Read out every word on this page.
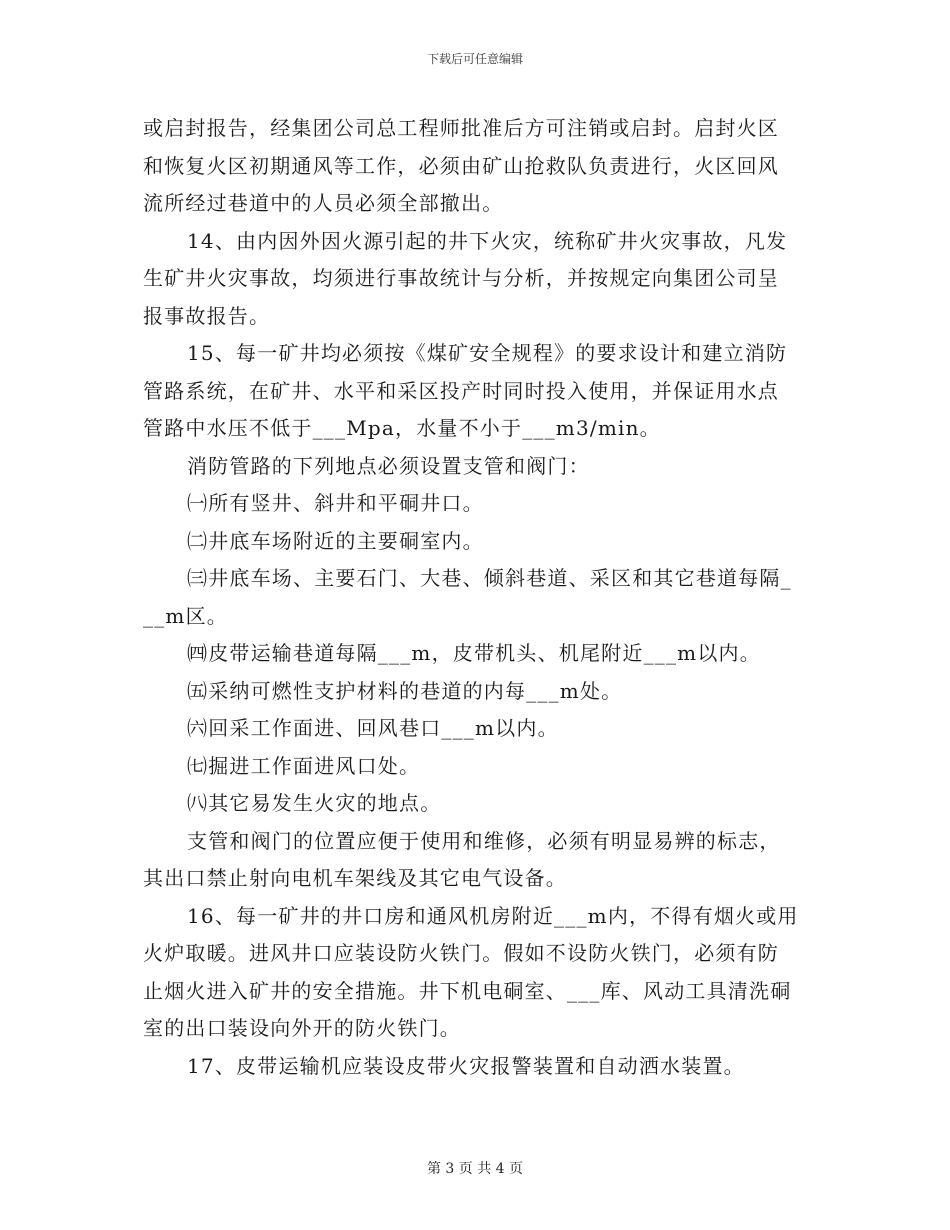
下载后可任意编辑
或启封报告，经集团公司总工程师批准后方可注销或启封。启封火区
和恢复火区初期通风等工作，必须由矿山抢救队负责进行，火区回风
流所经过巷道中的人员必须全部撤出。
14、由内因外因火源引起的井下火灾，统称矿井火灾事故，凡发
生矿井火灾事故，均须进行事故统计与分析，并按规定向集团公司呈
报事故报告。
15、每一矿井均必须按《煤矿安全规程》的要求设计和建立消防
管路系统，在矿井、水平和采区投产时同时投入使用，并保证用水点
管路中水压不低于___Mpa，水量不小于___m3/min。
消防管路的下列地点必须设置支管和阀门：
㈠所有竖井、斜井和平硐井口。
㈡井底车场附近的主要硐室内。
㈢井底车场、主要石门、大巷、倾斜巷道、采区和其它巷道每隔_
__m区。
㈣皮带运输巷道每隔___m，皮带机头、机尾附近___m以内。
㈤采纳可燃性支护材料的巷道的内每___m处。
㈥回采工作面进、回风巷口___m以内。
㈦掘进工作面进风口处。
㈧其它易发生火灾的地点。
支管和阀门的位置应便于使用和维修，必须有明显易辨的标志，
其出口禁止射向电机车架线及其它电气设备。
16、每一矿井的井口房和通风机房附近___m内，不得有烟火或用
火炉取暖。进风井口应装设防火铁门。假如不设防火铁门，必须有防
止烟火进入矿井的安全措施。井下机电硐室、___库、风动工具清洗硐
室的出口装设向外开的防火铁门。
17、皮带运输机应装设皮带火灾报警装置和自动洒水装置。
第 3 页 共 4 页
